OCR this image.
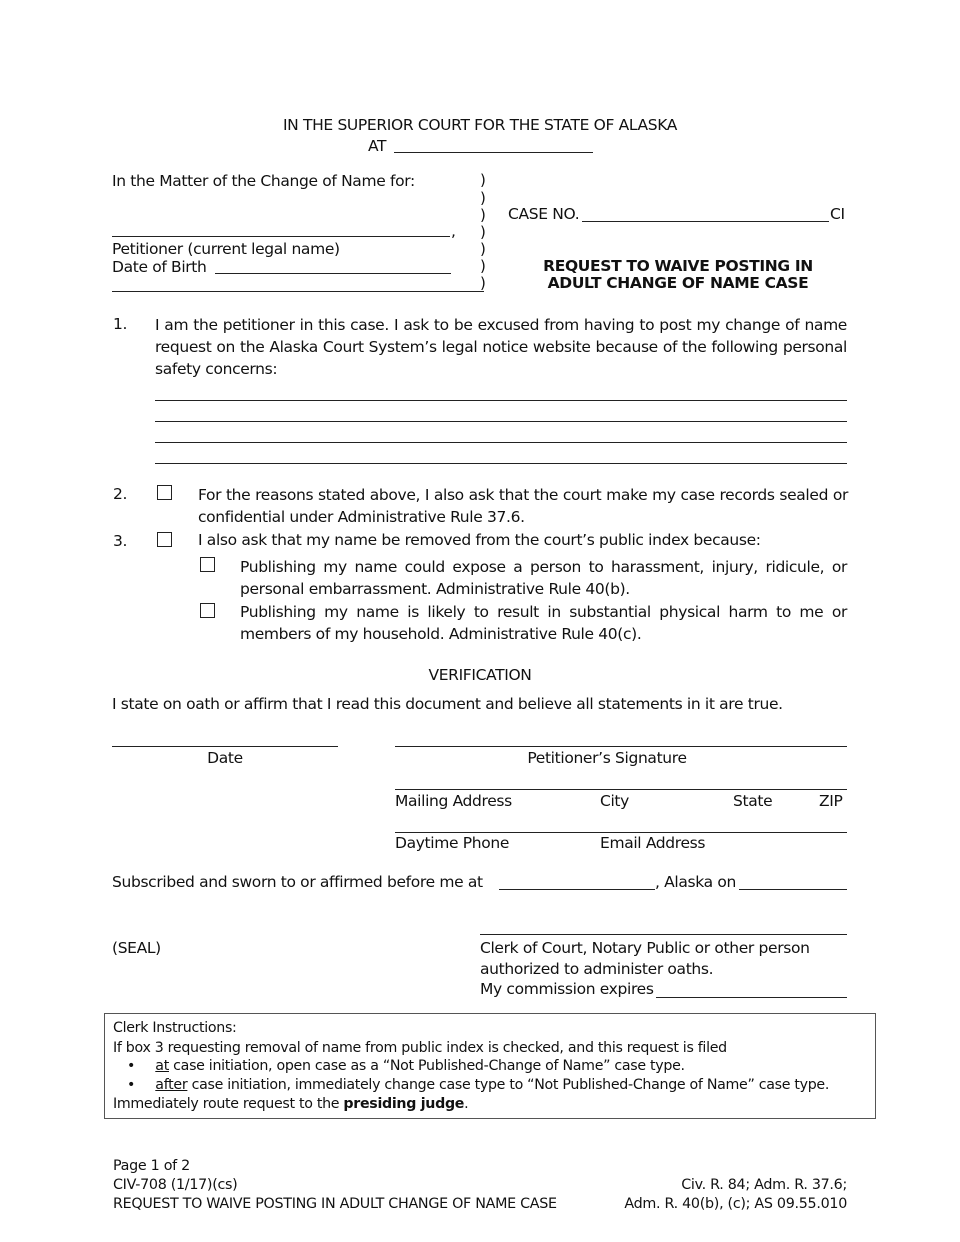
IN THE SUPERIOR COURT FOR THE STATE OF ALASKA
AT
In the Matter of the Change of Name for:
,
Petitioner (current legal name)
Date of Birth
)
)
)
)
)
)
)
CASE NO.	CI
REQUEST TO WAIVE POSTING IN
ADULT CHANGE OF NAME CASE
1. I am the petitioner in this case. I ask to be excused from having to post my change of name request on the Alaska Court System’s legal notice website because of the following personal safety concerns:
2.	For the reasons stated above, I also ask that the court make my case records sealed or confidential under Administrative Rule 37.6.
3.	I also ask that my name be removed from the court’s public index because:
Publishing my name could expose a person to harassment, injury, ridicule, or personal embarrassment. Administrative Rule 40(b).
Publishing my name is likely to result in substantial physical harm to me or members of my household. Administrative Rule 40(c).
VERIFICATION
I state on oath or affirm that I read this document and believe all statements in it are true.
Date	Petitioner’s Signature
Mailing Address	City	State	ZIP
Daytime Phone	Email Address
Subscribed and sworn to or affirmed before me at	, Alaska on
(SEAL)	Clerk of Court, Notary Public or other person
authorized to administer oaths.
My commission expires
Clerk Instructions:
If box 3 requesting removal of name from public index is checked, and this request is filed
• at case initiation, open case as a “Not Published-Change of Name” case type.
• after case initiation, immediately change case type to “Not Published-Change of Name” case type.
Immediately route request to the presiding judge.
Page 1 of 2
CIV-708 (1/17)(cs)
REQUEST TO WAIVE POSTING IN ADULT CHANGE OF NAME CASE
Civ. R. 84; Adm. R. 37.6;
Adm. R. 40(b), (c); AS 09.55.010
